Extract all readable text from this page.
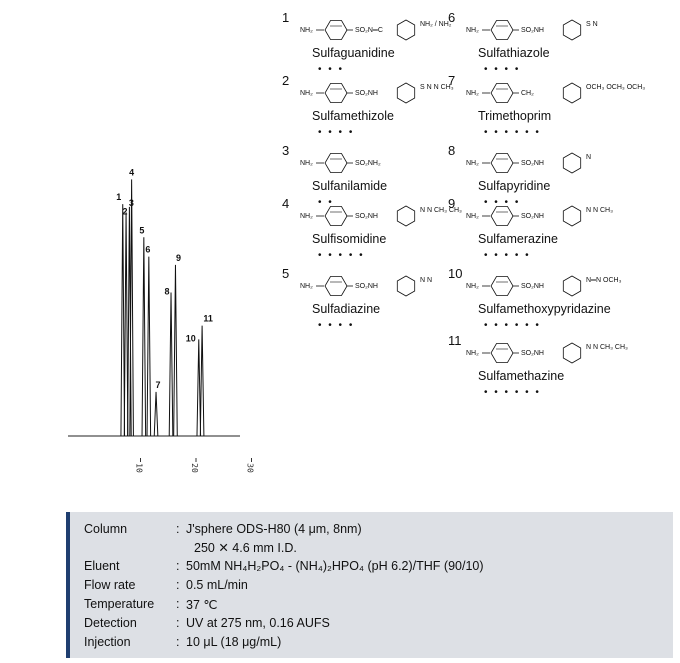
1
2
3
4
5
6
7
8
9
10
11
10	20	30
1
NH₂	SO₂N═C
NH₂ / NH₂
Sulfaguanidine
• • •
2
NH₂	SO₂NH
S N N CH₃
Sulfamethizole
• • • •
3
NH₂	SO₂NH₂
Sulfanilamide
• •
4
NH₂	SO₂NH
N N CH₃ CH₃
Sulfisomidine
• • • • •
5
NH₂	SO₂NH
N N
Sulfadiazine
• • • •
6
NH₂	SO₂NH
S N
Sulfathiazole
• • • •
7
NH₂	CH₂
OCH₃ OCH₃ OCH₃
Trimethoprim
• • • • • •
8
NH₂	SO₂NH
N
Sulfapyridine
• • • •
9
NH₂	SO₂NH
N N CH₃
Sulfamerazine
• • • • •
10
NH₂	SO₂NH
N═N OCH₃
Sulfamethoxypyridazine
• • • • • •
11
NH₂	SO₂NH
N N CH₃ CH₃
Sulfamethazine
• • • • • •
Column	: J'sphere ODS-H80 (4 μm, 8nm)
250 ✕ 4.6 mm I.D.
Eluent	: 50mM NH₄H₂PO₄ - (NH₄)₂HPO₄ (pH 6.2)/THF (90/10)
Flow rate	: 0.5 mL/min
Temperature	: 37 ℃
Detection	: UV at 275 nm, 0.16 AUFS
Injection	: 10 μL (18 μg/mL)
